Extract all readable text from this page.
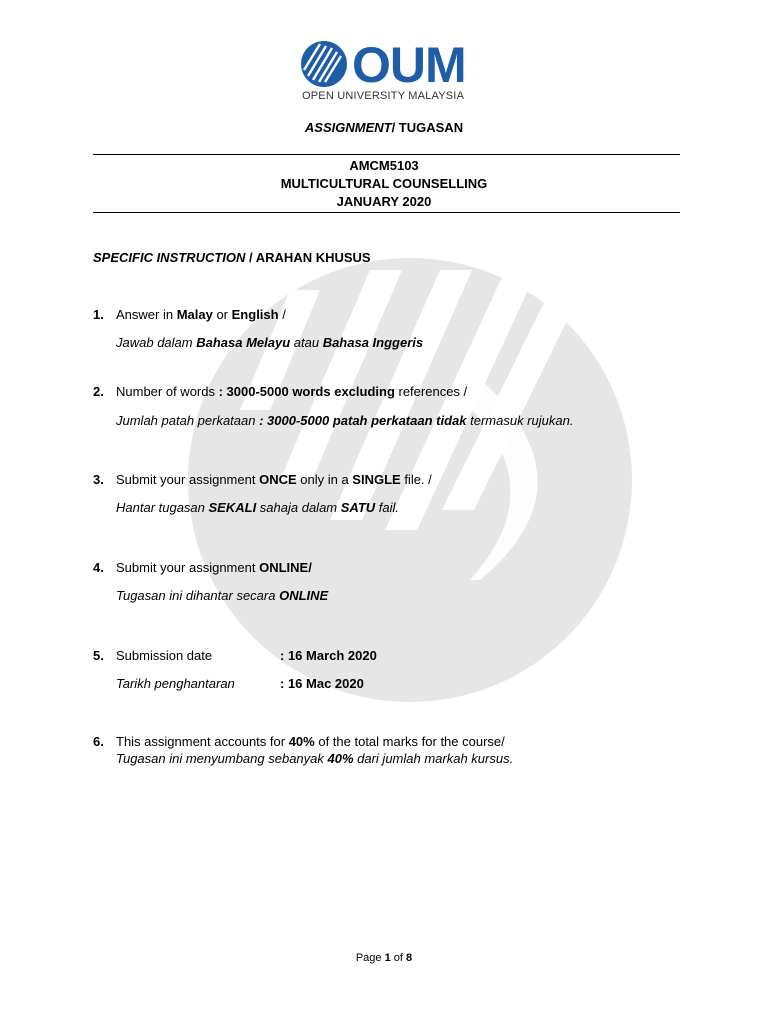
OUM
OPEN UNIVERSITY MALAYSIA
ASSIGNMENT/ TUGASAN
AMCM5103
MULTICULTURAL COUNSELLING
JANUARY 2020
SPECIFIC INSTRUCTION / ARAHAN KHUSUS
1. Answer in Malay or English /
Jawab dalam Bahasa Melayu atau Bahasa Inggeris
2. Number of words : 3000-5000 words excluding references /
Jumlah patah perkataan : 3000-5000 patah perkataan tidak termasuk rujukan.
3. Submit your assignment ONCE only in a SINGLE file. /
Hantar tugasan SEKALI sahaja dalam SATU fail.
4. Submit your assignment ONLINE/
Tugasan ini dihantar secara ONLINE
5. Submission date	: 16 March 2020
Tarikh penghantaran	: 16 Mac 2020
6. This assignment accounts for 40% of the total marks for the course/
Tugasan ini menyumbang sebanyak 40% dari jumlah markah kursus.
Page 1 of 8
